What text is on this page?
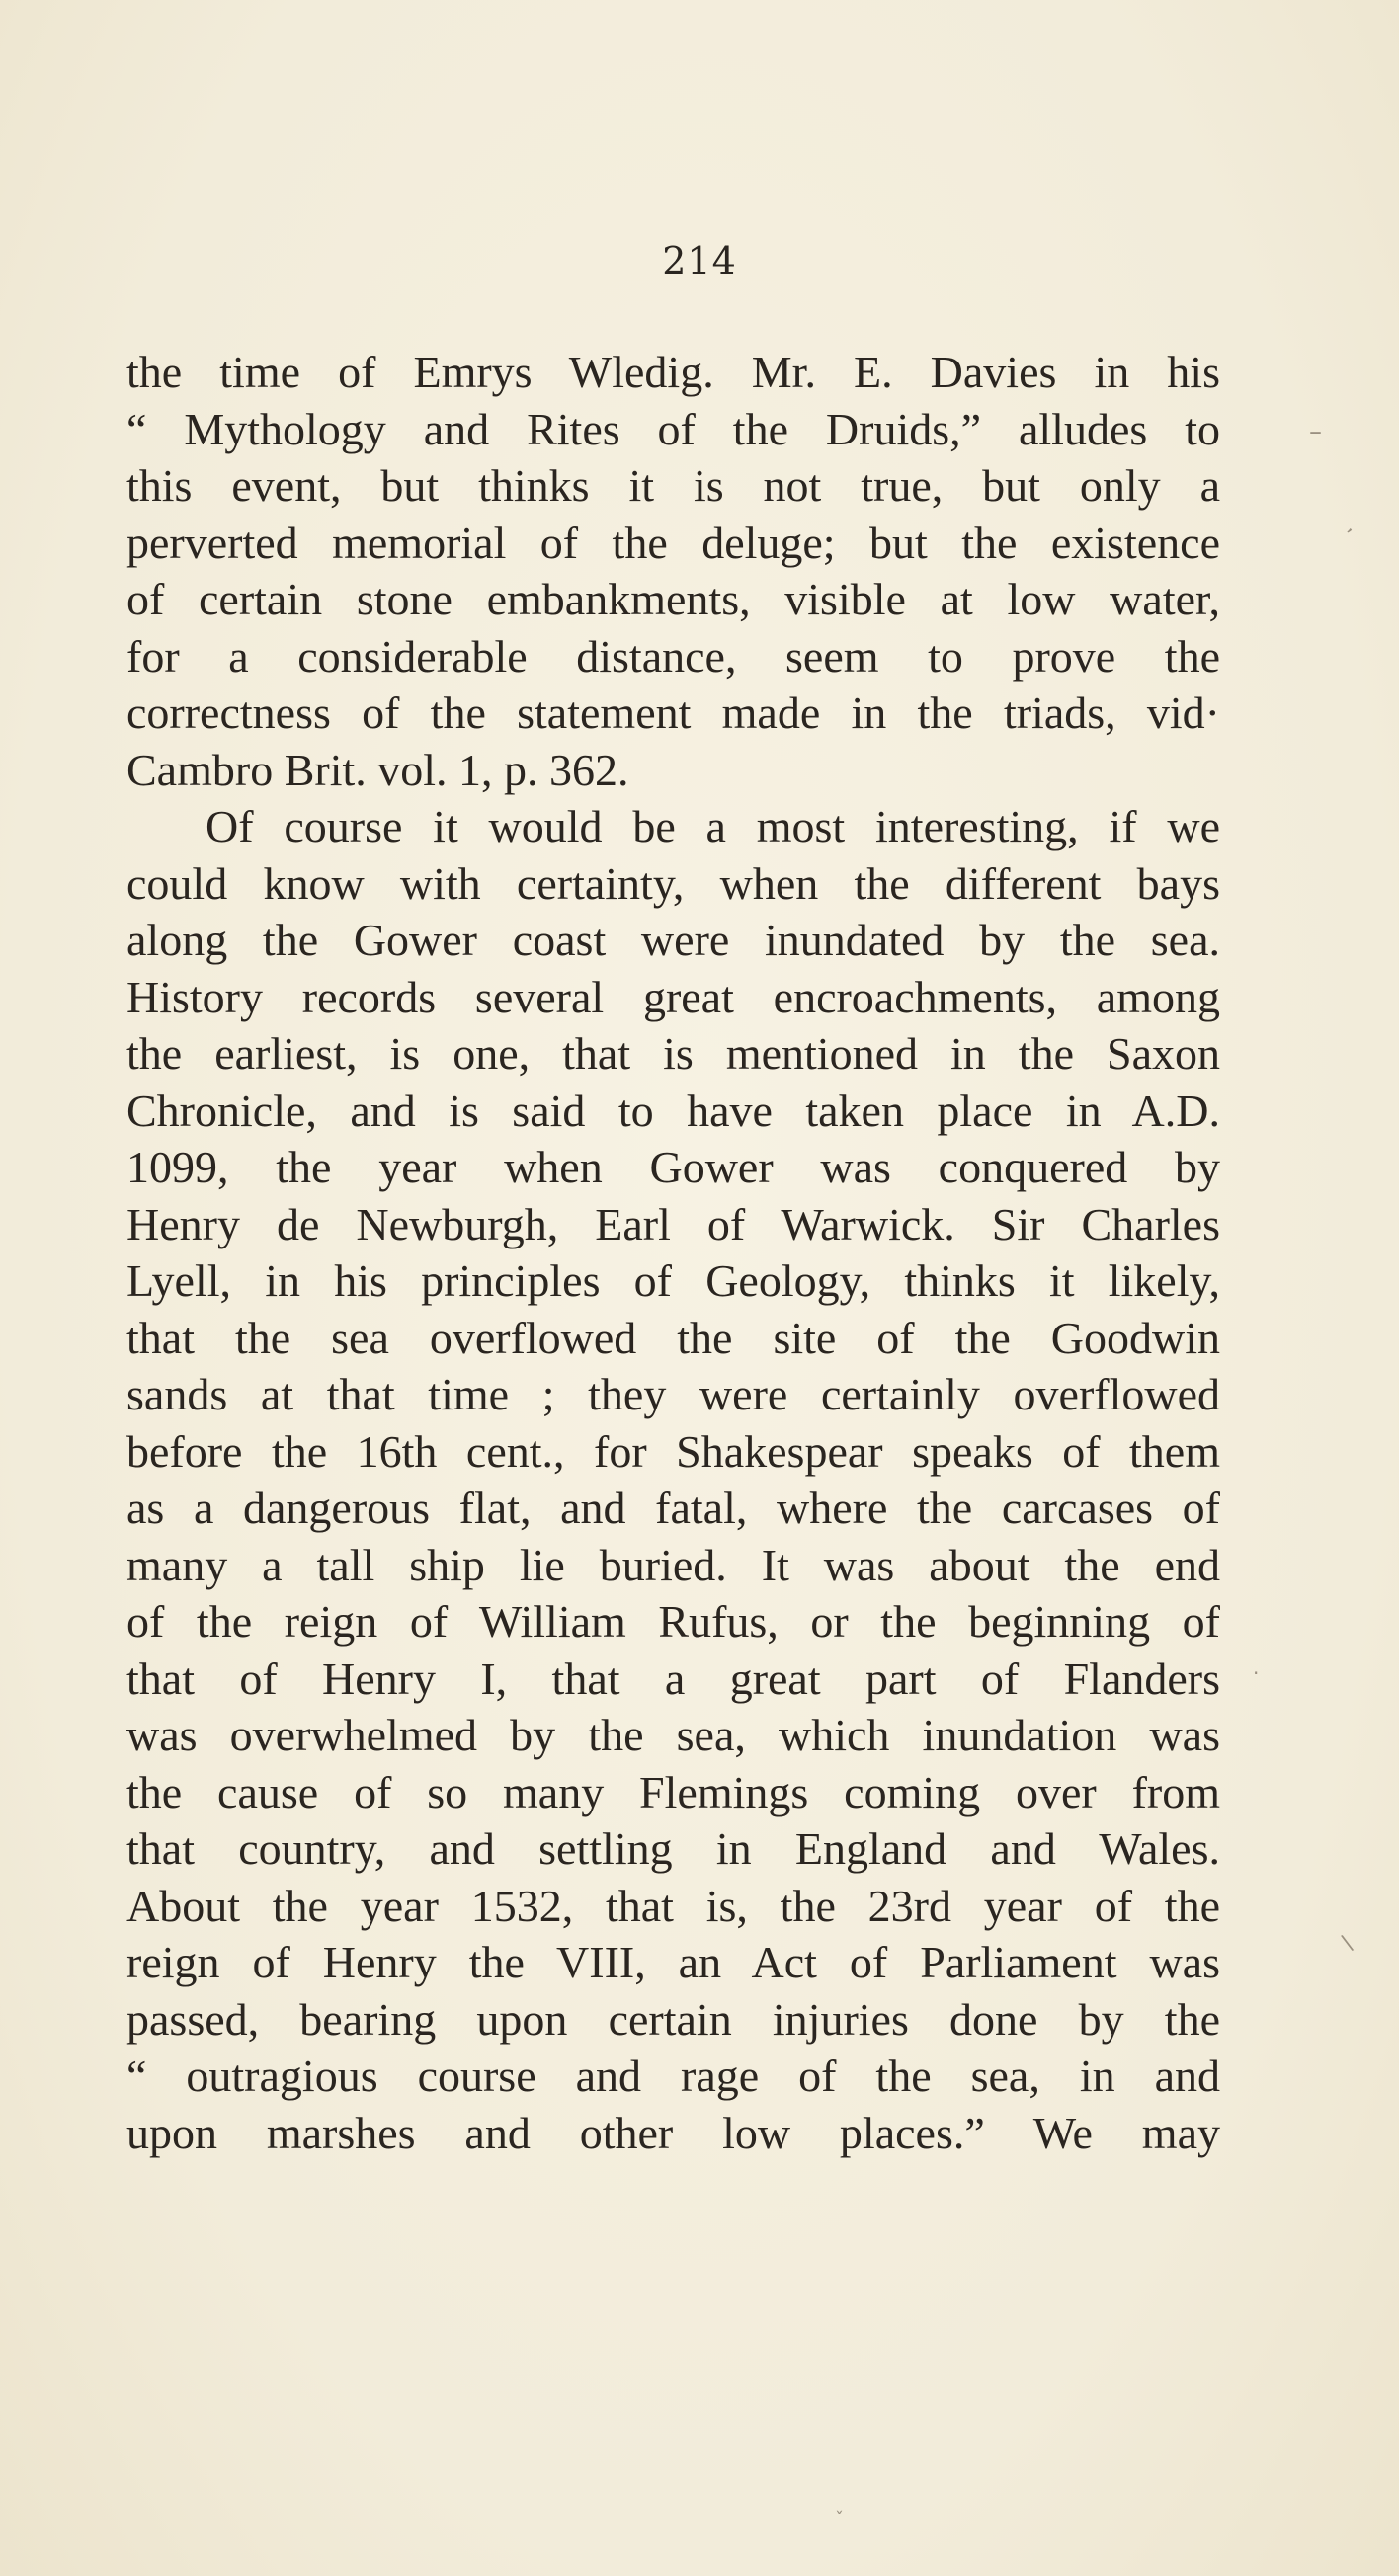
214
the time of Emrys Wledig. Mr. E. Davies in his
“ Mythology and Rites of the Druids,” alludes to
this event, but thinks it is not true, but only a
perverted memorial of the deluge; but the existence
of certain stone embankments, visible at low water,
for a considerable distance, seem to prove the
correctness of the statement made in the triads, vid·
Cambro Brit. vol. 1, p. 362.
Of course it would be a most interesting, if we
could know with certainty, when the different bays
along the Gower coast were inundated by the sea.
History records several great encroachments, among
the earliest, is one, that is mentioned in the Saxon
Chronicle, and is said to have taken place in A.D.
1099, the year when Gower was conquered by
Henry de Newburgh, Earl of Warwick. Sir Charles
Lyell, in his principles of Geology, thinks it likely,
that the sea overflowed the site of the Goodwin
sands at that time ; they were certainly overflowed
before the 16th cent., for Shakespear speaks of them
as a dangerous flat, and fatal, where the carcases of
many a tall ship lie buried. It was about the end
of the reign of William Rufus, or the beginning of
that of Henry I, that a great part of Flanders
was overwhelmed by the sea, which inundation was
the cause of so many Flemings coming over from
that country, and settling in England and Wales.
About the year 1532, that is, the 23rd year of the
reign of Henry the VIII, an Act of Parliament was
passed, bearing upon certain injuries done by the
“ outragious course and rage of the sea, in and
upon marshes and other low places.” We may
–
ʼ
.
\
ˇ
